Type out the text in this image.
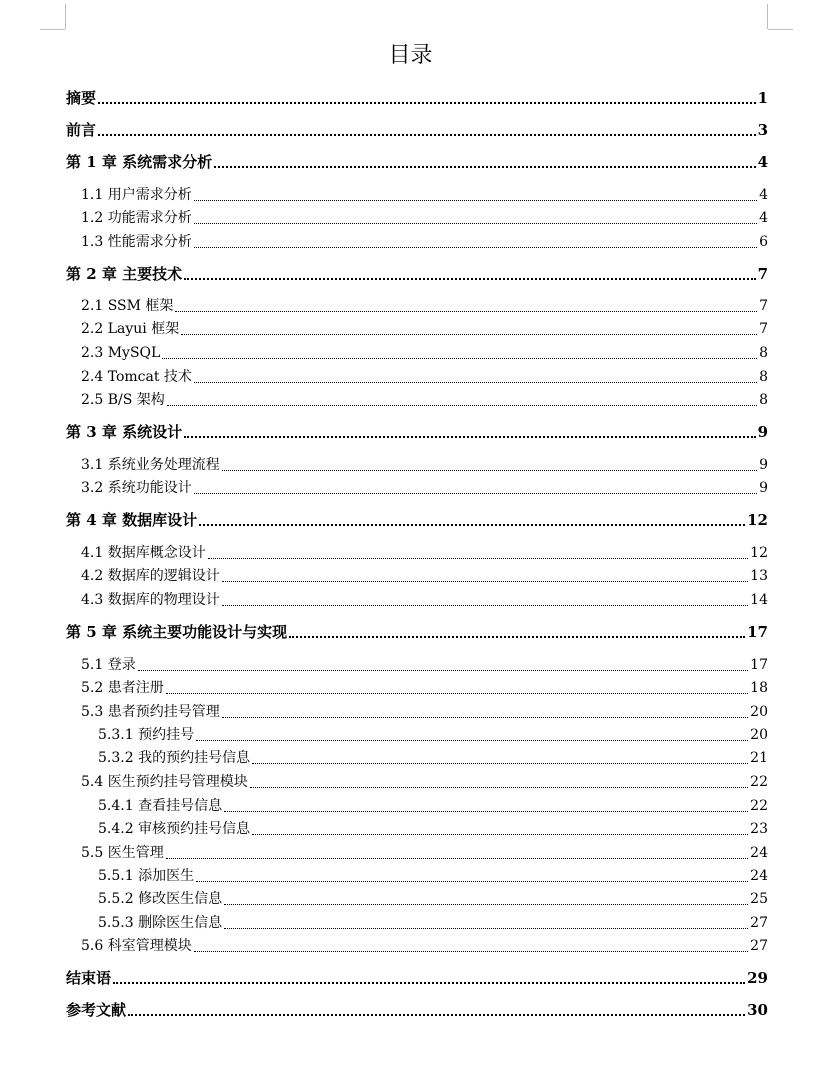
目录
摘要	1
前言	3
第 1 章 系统需求分析	4
1.1 用户需求分析	4
1.2 功能需求分析	4
1.3 性能需求分析	6
第 2 章 主要技术	7
2.1 SSM 框架	7
2.2 Layui 框架	7
2.3 MySQL	8
2.4 Tomcat 技术	8
2.5 B/S 架构	8
第 3 章 系统设计	9
3.1 系统业务处理流程	9
3.2 系统功能设计	9
第 4 章 数据库设计	12
4.1 数据库概念设计	12
4.2 数据库的逻辑设计	13
4.3 数据库的物理设计	14
第 5 章 系统主要功能设计与实现	17
5.1 登录	17
5.2 患者注册	18
5.3 患者预约挂号管理	20
5.3.1 预约挂号	20
5.3.2 我的预约挂号信息	21
5.4 医生预约挂号管理模块	22
5.4.1 查看挂号信息	22
5.4.2 审核预约挂号信息	23
5.5 医生管理	24
5.5.1 添加医生	24
5.5.2 修改医生信息	25
5.5.3 删除医生信息	27
5.6 科室管理模块	27
结束语	29
参考文献	30
